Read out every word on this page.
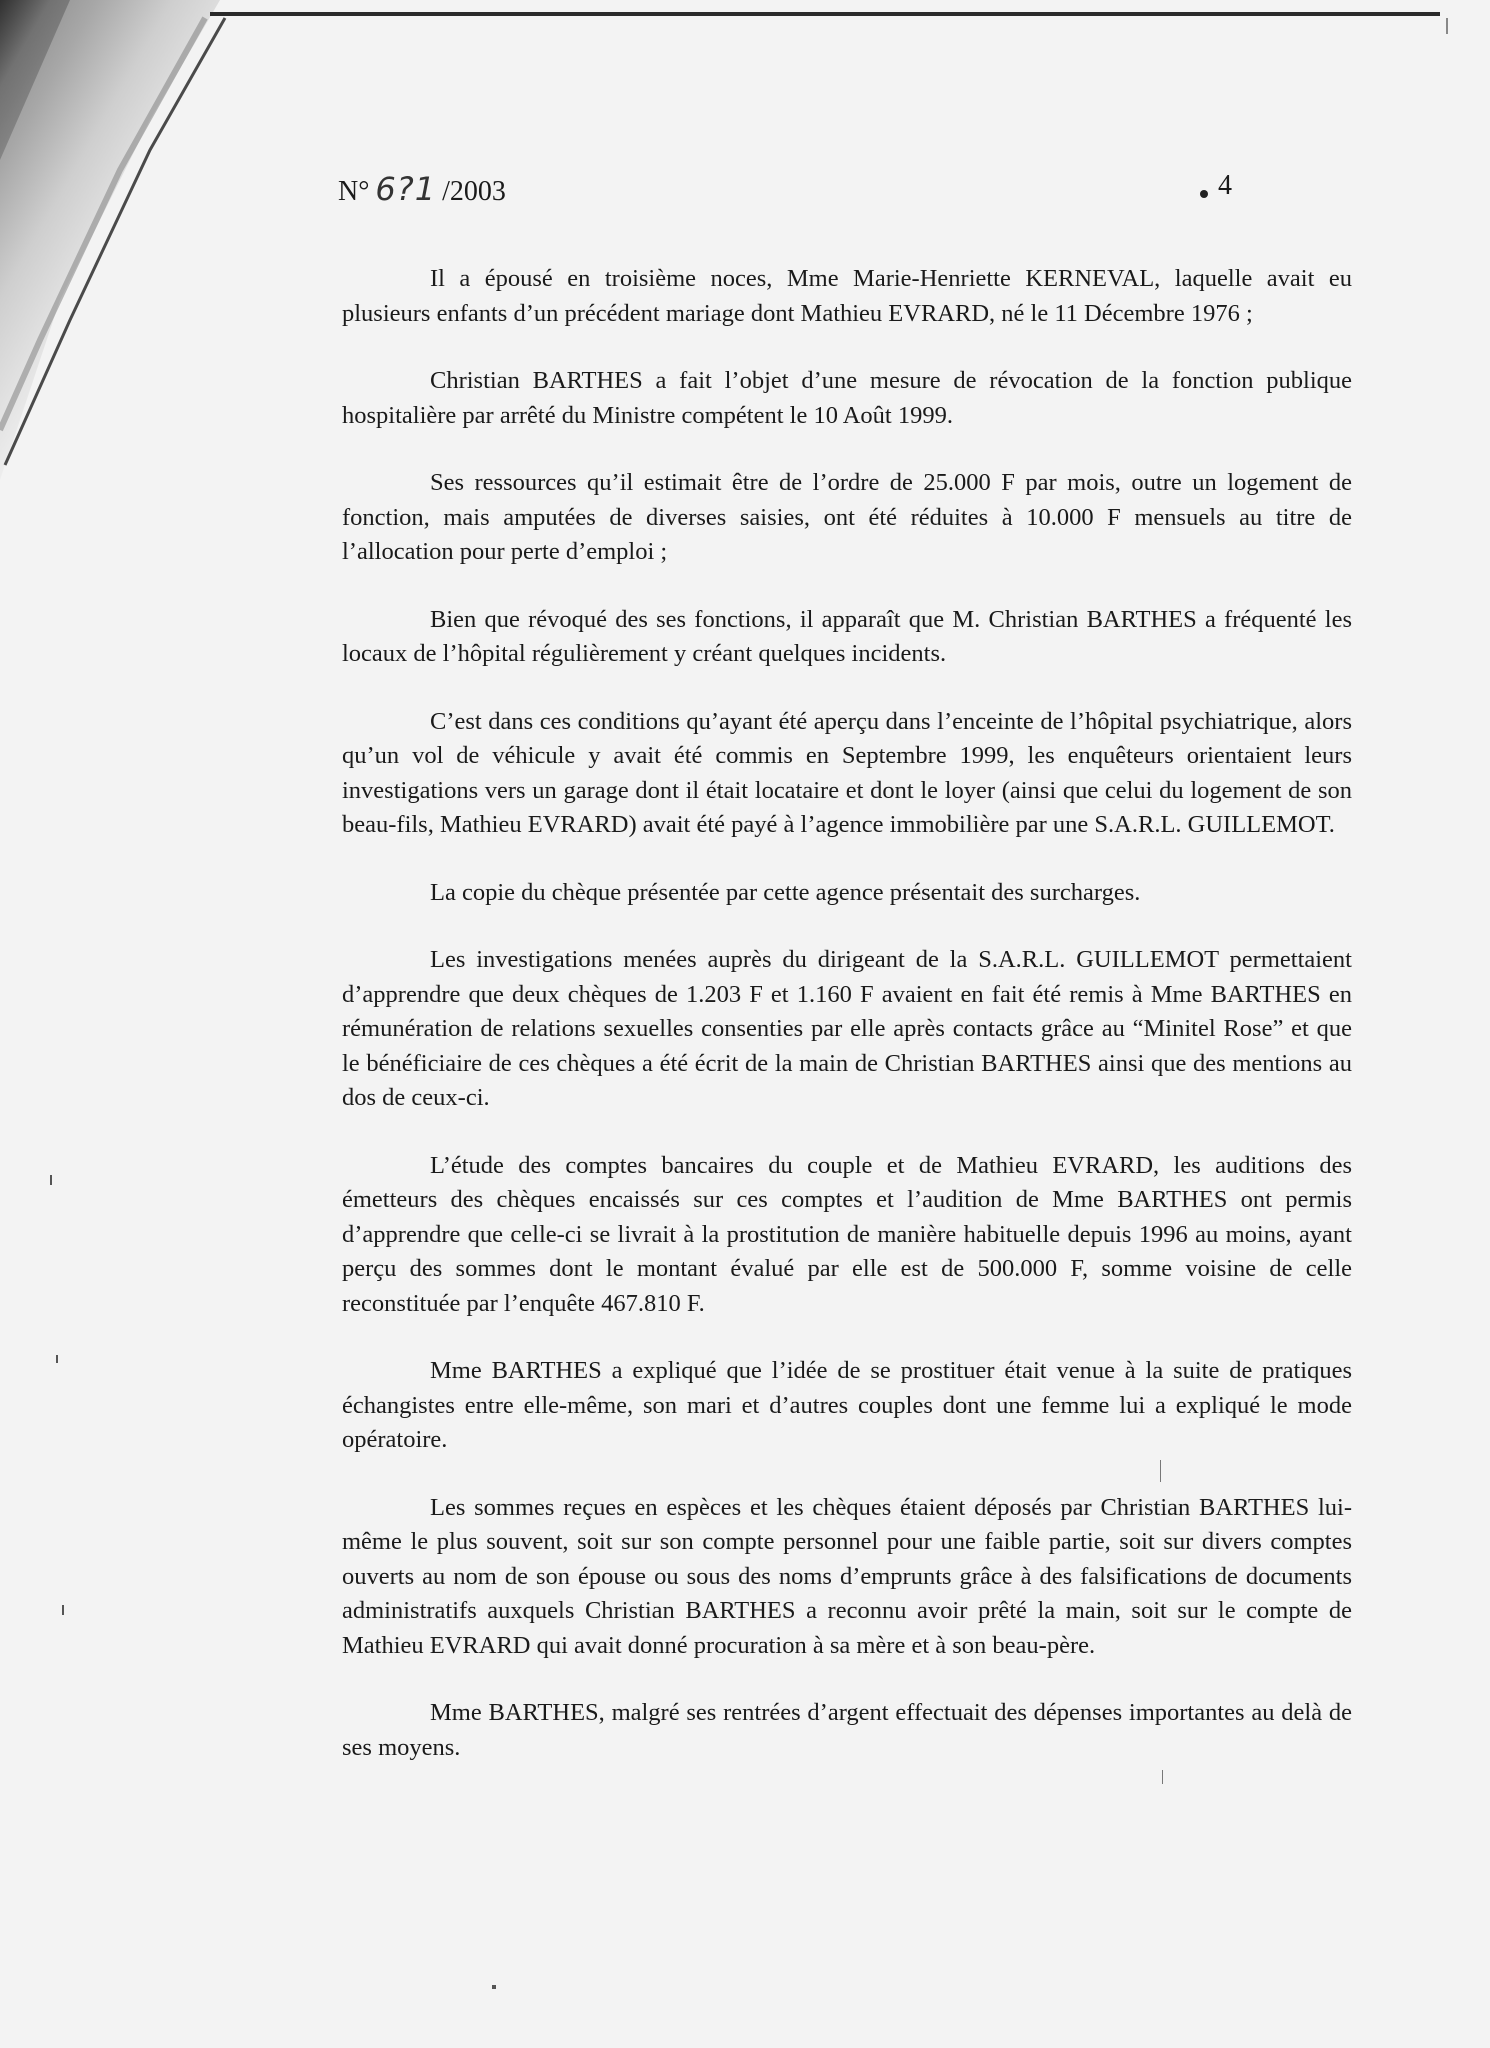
N° 6?1 /2003	4

Il a épousé en troisième noces, Mme Marie-Henriette KERNEVAL, laquelle avait eu plusieurs enfants d’un précédent mariage dont Mathieu EVRARD, né le 11 Décembre 1976 ;

Christian BARTHES a fait l’objet d’une mesure de révocation de la fonction publique hospitalière par arrêté du Ministre compétent le 10 Août 1999.

Ses ressources qu’il estimait être de l’ordre de 25.000 F par mois, outre un logement de fonction, mais amputées de diverses saisies, ont été réduites à 10.000 F mensuels au titre de l’allocation pour perte d’emploi ;

Bien que révoqué des ses fonctions, il apparaît que M. Christian BARTHES a fréquenté les locaux de l’hôpital régulièrement y créant quelques incidents.

C’est dans ces conditions qu’ayant été aperçu dans l’enceinte de l’hôpital psychiatrique, alors qu’un vol de véhicule y avait été commis en Septembre 1999, les enquêteurs orientaient leurs investigations vers un garage dont il était locataire et dont le loyer (ainsi que celui du logement de son beau-fils, Mathieu EVRARD) avait été payé à l’agence immobilière par une S.A.R.L. GUILLEMOT.

La copie du chèque présentée par cette agence présentait des surcharges.

Les investigations menées auprès du dirigeant de la S.A.R.L. GUILLEMOT permettaient d’apprendre que deux chèques de 1.203 F et 1.160 F avaient en fait été remis à Mme BARTHES en rémunération de relations sexuelles consenties par elle après contacts grâce au “Minitel Rose” et que le bénéficiaire de ces chèques a été écrit de la main de Christian BARTHES ainsi que des mentions au dos de ceux-ci.

L’étude des comptes bancaires du couple et de Mathieu EVRARD, les auditions des émetteurs des chèques encaissés sur ces comptes et l’audition de Mme BARTHES ont permis d’apprendre que celle-ci se livrait à la prostitution de manière habituelle depuis 1996 au moins, ayant perçu des sommes dont le montant évalué par elle est de 500.000 F, somme voisine de celle reconstituée par l’enquête 467.810 F.

Mme BARTHES a expliqué que l’idée de se prostituer était venue à la suite de pratiques échangistes entre elle-même, son mari et d’autres couples dont une femme lui a expliqué le mode opératoire.

Les sommes reçues en espèces et les chèques étaient déposés par Christian BARTHES lui-même le plus souvent, soit sur son compte personnel pour une faible partie, soit sur divers comptes ouverts au nom de son épouse ou sous des noms d’emprunts grâce à des falsifications de documents administratifs auxquels Christian BARTHES a reconnu avoir prêté la main, soit sur le compte de Mathieu EVRARD qui avait donné procuration à sa mère et à son beau-père.

Mme BARTHES, malgré ses rentrées d’argent effectuait des dépenses importantes au delà de ses moyens.
